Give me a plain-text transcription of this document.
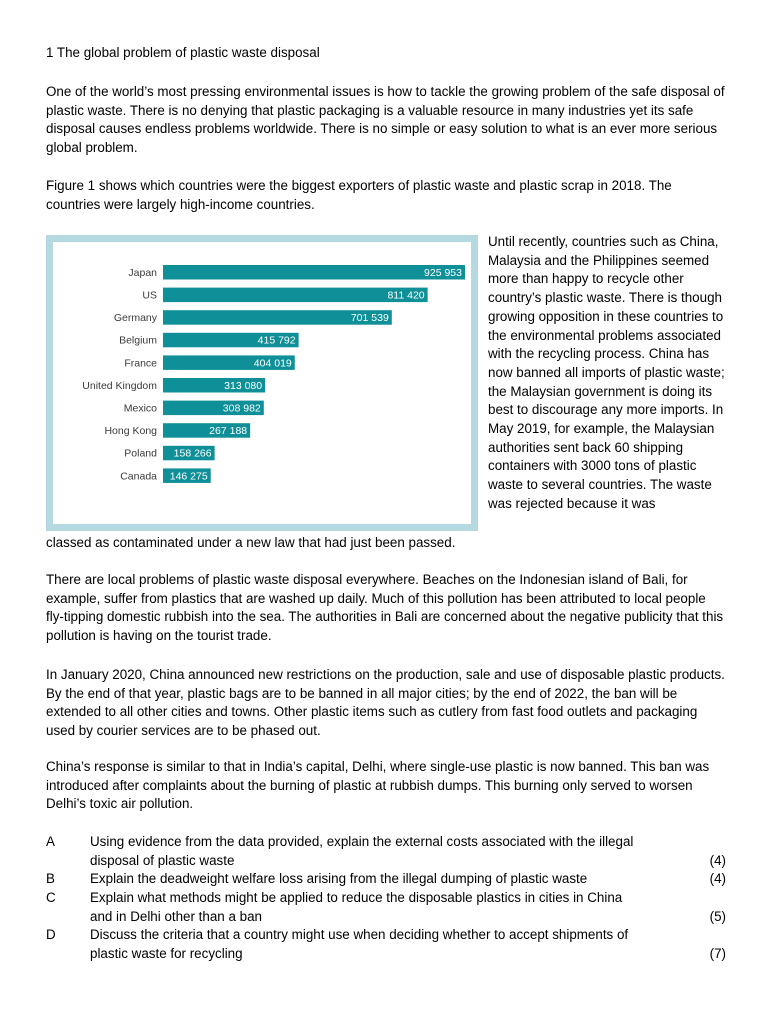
1 The global problem of plastic waste disposal

One of the world’s most pressing environmental issues is how to tackle the growing problem of the safe disposal of plastic waste. There is no denying that plastic packaging is a valuable resource in many industries yet its safe disposal causes endless problems worldwide. There is no simple or easy solution to what is an ever more serious global problem.

Figure 1 shows which countries were the biggest exporters of plastic waste and plastic scrap in 2018. The countries were largely high-income countries.

Japan	925 953
US	811 420
Germany	701 539
Belgium	415 792
France	404 019
United Kingdom	313 080
Mexico	308 982
Hong Kong	267 188
Poland 158 266
Canada 146 275

Until recently, countries such as China, Malaysia and the Philippines seemed more than happy to recycle other country’s plastic waste. There is though growing opposition in these countries to the environmental problems associated with the recycling process. China has now banned all imports of plastic waste; the Malaysian government is doing its best to discourage any more imports. In May 2019, for example, the Malaysian authorities sent back 60 shipping containers with 3000 tons of plastic waste to several countries. The waste was rejected because it was

classed as contaminated under a new law that had just been passed.

There are local problems of plastic waste disposal everywhere. Beaches on the Indonesian island of Bali, for example, suffer from plastics that are washed up daily. Much of this pollution has been attributed to local people fly-tipping domestic rubbish into the sea. The authorities in Bali are concerned about the negative publicity that this pollution is having on the tourist trade.

In January 2020, China announced new restrictions on the production, sale and use of disposable plastic products. By the end of that year, plastic bags are to be banned in all major cities; by the end of 2022, the ban will be extended to all other cities and towns. Other plastic items such as cutlery from fast food outlets and packaging used by courier services are to be phased out.

China’s response is similar to that in India’s capital, Delhi, where single-use plastic is now banned. This ban was introduced after complaints about the burning of plastic at rubbish dumps. This burning only served to worsen Delhi’s toxic air pollution.

A	Using evidence from the data provided, explain the external costs associated with the illegal disposal of plastic waste	(4)
B	Explain the deadweight welfare loss arising from the illegal dumping of plastic waste	(4)
C	Explain what methods might be applied to reduce the disposable plastics in cities in China and in Delhi other than a ban	(5)
D	Discuss the criteria that a country might use when deciding whether to accept shipments of plastic waste for recycling	(7)
